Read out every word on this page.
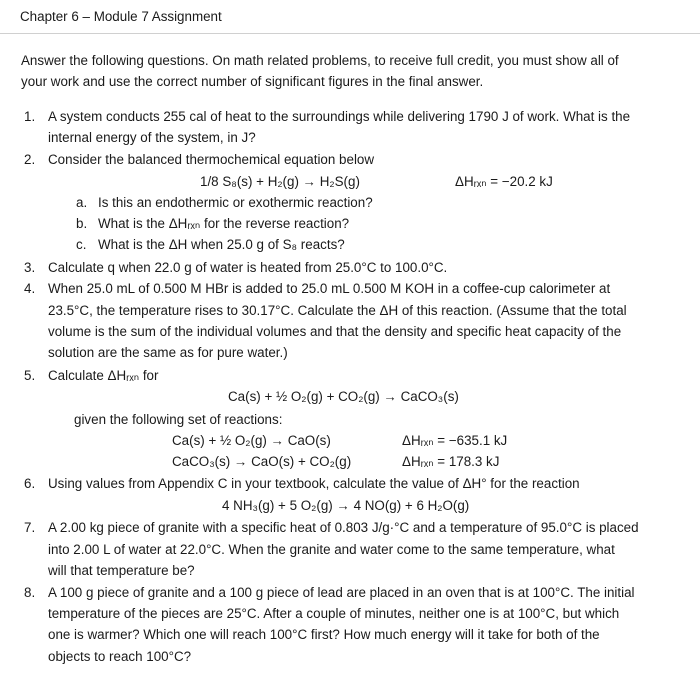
Chapter 6 – Module 7 Assignment
Answer the following questions. On math related problems, to receive full credit, you must show all of
your work and use the correct number of significant figures in the final answer.
1. A system conducts 255 cal of heat to the surroundings while delivering 1790 J of work. What is the
internal energy of the system, in J?
2. Consider the balanced thermochemical equation below
1/8 S₈(s) + H₂(g) → H₂S(g)	ΔHᵣₓₙ = −20.2 kJ
a. Is this an endothermic or exothermic reaction?
b. What is the ΔHᵣₓₙ for the reverse reaction?
c. What is the ΔH when 25.0 g of S₈ reacts?
3. Calculate q when 22.0 g of water is heated from 25.0°C to 100.0°C.
4. When 25.0 mL of 0.500 M HBr is added to 25.0 mL 0.500 M KOH in a coffee-cup calorimeter at
23.5°C, the temperature rises to 30.17°C. Calculate the ΔH of this reaction. (Assume that the total
volume is the sum of the individual volumes and that the density and specific heat capacity of the
solution are the same as for pure water.)
5. Calculate ΔHᵣₓₙ for
Ca(s) + ½ O₂(g) + CO₂(g) → CaCO₃(s)
given the following set of reactions:
Ca(s) + ½ O₂(g) → CaO(s)	ΔHᵣₓₙ = −635.1 kJ
CaCO₃(s) → CaO(s) + CO₂(g)	ΔHᵣₓₙ = 178.3 kJ
6. Using values from Appendix C in your textbook, calculate the value of ΔH° for the reaction
4 NH₃(g) + 5 O₂(g) → 4 NO(g) + 6 H₂O(g)
7. A 2.00 kg piece of granite with a specific heat of 0.803 J/g·°C and a temperature of 95.0°C is placed
into 2.00 L of water at 22.0°C. When the granite and water come to the same temperature, what
will that temperature be?
8. A 100 g piece of granite and a 100 g piece of lead are placed in an oven that is at 100°C. The initial
temperature of the pieces are 25°C. After a couple of minutes, neither one is at 100°C, but which
one is warmer? Which one will reach 100°C first? How much energy will it take for both of the
objects to reach 100°C?
